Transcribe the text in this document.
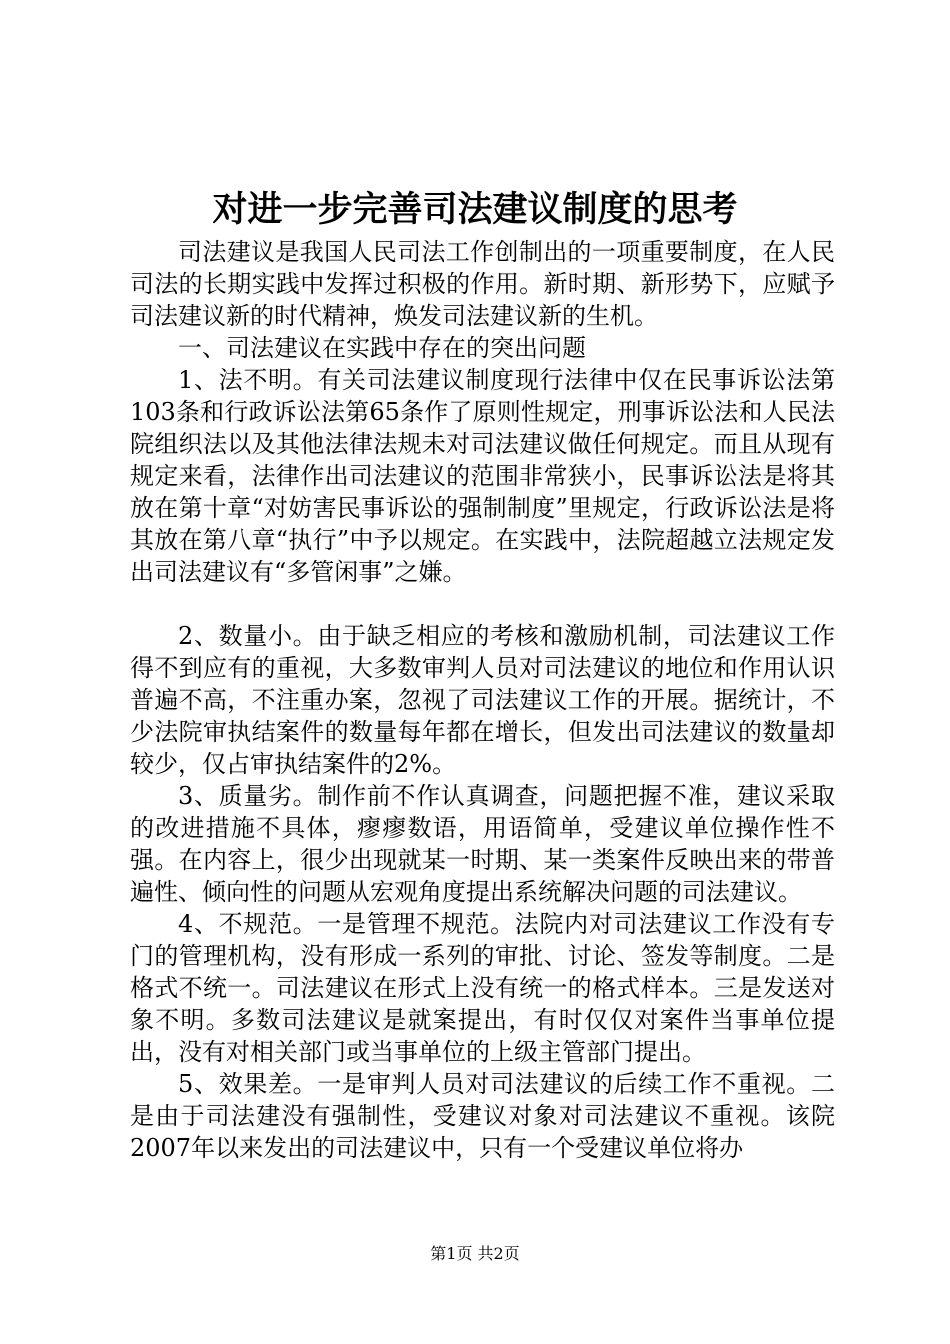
对进一步完善司法建议制度的思考

司法建议是我国人民司法工作创制出的一项重要制度，在人民司法的长期实践中发挥过积极的作用。新时期、新形势下，应赋予司法建议新的时代精神，焕发司法建议新的生机。

一、司法建议在实践中存在的突出问题

1、法不明。有关司法建议制度现行法律中仅在民事诉讼法第103条和行政诉讼法第65条作了原则性规定，刑事诉讼法和人民法院组织法以及其他法律法规未对司法建议做任何规定。而且从现有规定来看，法律作出司法建议的范围非常狭小，民事诉讼法是将其放在第十章“对妨害民事诉讼的强制制度”里规定，行政诉讼法是将其放在第八章“执行”中予以规定。在实践中，法院超越立法规定发出司法建议有“多管闲事”之嫌。

2、数量小。由于缺乏相应的考核和激励机制，司法建议工作得不到应有的重视，大多数审判人员对司法建议的地位和作用认识普遍不高，不注重办案，忽视了司法建议工作的开展。据统计，不少法院审执结案件的数量每年都在增长，但发出司法建议的数量却较少，仅占审执结案件的2%。

3、质量劣。制作前不作认真调查，问题把握不准，建议采取的改进措施不具体，瘳瘳数语，用语简单，受建议单位操作性不强。在内容上，很少出现就某一时期、某一类案件反映出来的带普遍性、倾向性的问题从宏观角度提出系统解决问题的司法建议。

4、不规范。一是管理不规范。法院内对司法建议工作没有专门的管理机构，没有形成一系列的审批、讨论、签发等制度。二是格式不统一。司法建议在形式上没有统一的格式样本。三是发送对象不明。多数司法建议是就案提出，有时仅仅对案件当事单位提出，没有对相关部门或当事单位的上级主管部门提出。

5、效果差。一是审判人员对司法建议的后续工作不重视。二是由于司法建没有强制性，受建议对象对司法建议不重视。该院2007年以来发出的司法建议中，只有一个受建议单位将办

第1页 共2页
